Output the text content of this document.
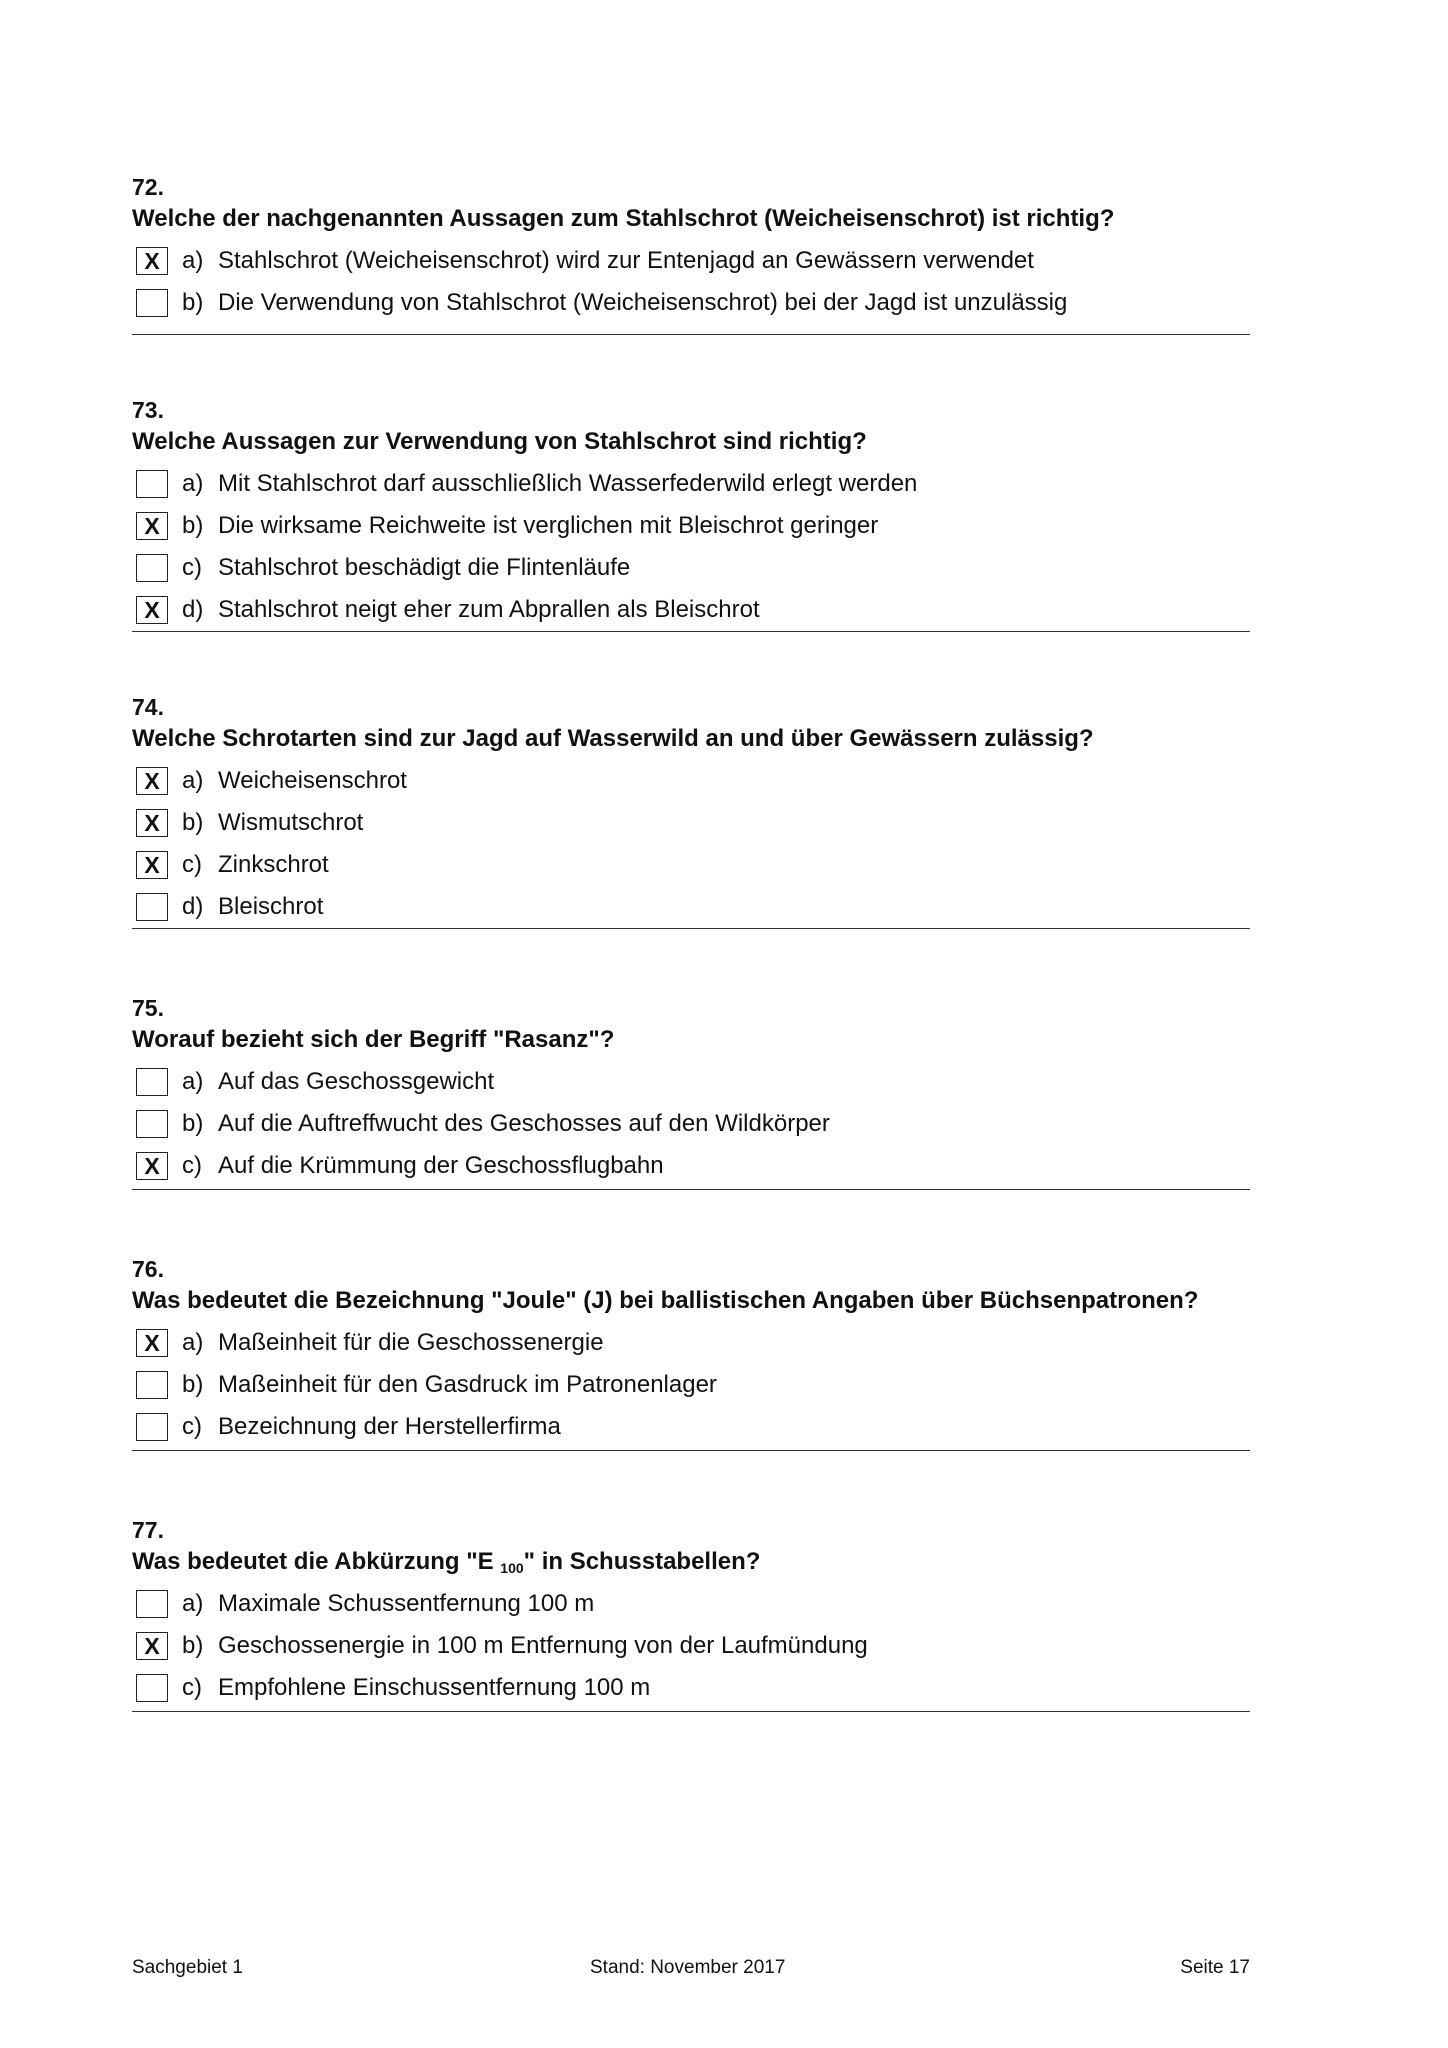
72.
Welche der nachgenannten Aussagen zum Stahlschrot (Weicheisenschrot) ist richtig?
X a) Stahlschrot (Weicheisenschrot) wird zur Entenjagd an Gewässern verwendet
b) Die Verwendung von Stahlschrot (Weicheisenschrot) bei der Jagd ist unzulässig
73.
Welche Aussagen zur Verwendung von Stahlschrot sind richtig?
a) Mit Stahlschrot darf ausschließlich Wasserfederwild erlegt werden
X b) Die wirksame Reichweite ist verglichen mit Bleischrot geringer
c) Stahlschrot beschädigt die Flintenläufe
X d) Stahlschrot neigt eher zum Abprallen als Bleischrot
74.
Welche Schrotarten sind zur Jagd auf Wasserwild an und über Gewässern zulässig?
X a) Weicheisenschrot
X b) Wismutschrot
X c) Zinkschrot
d) Bleischrot
75.
Worauf bezieht sich der Begriff "Rasanz"?
a) Auf das Geschossgewicht
b) Auf die Auftreffwucht des Geschosses auf den Wildkörper
X c) Auf die Krümmung der Geschossflugbahn
76.
Was bedeutet die Bezeichnung "Joule" (J) bei ballistischen Angaben über Büchsenpatronen?
X a) Maßeinheit für die Geschossenergie
b) Maßeinheit für den Gasdruck im Patronenlager
c) Bezeichnung der Herstellerfirma
77.
Was bedeutet die Abkürzung "E $_{100}$" in Schusstabellen?
a) Maximale Schussentfernung 100 m
X b) Geschossenergie in 100 m Entfernung von der Laufmündung
c) Empfohlene Einschussentfernung 100 m
Sachgebiet 1	Stand: November 2017	Seite 17
